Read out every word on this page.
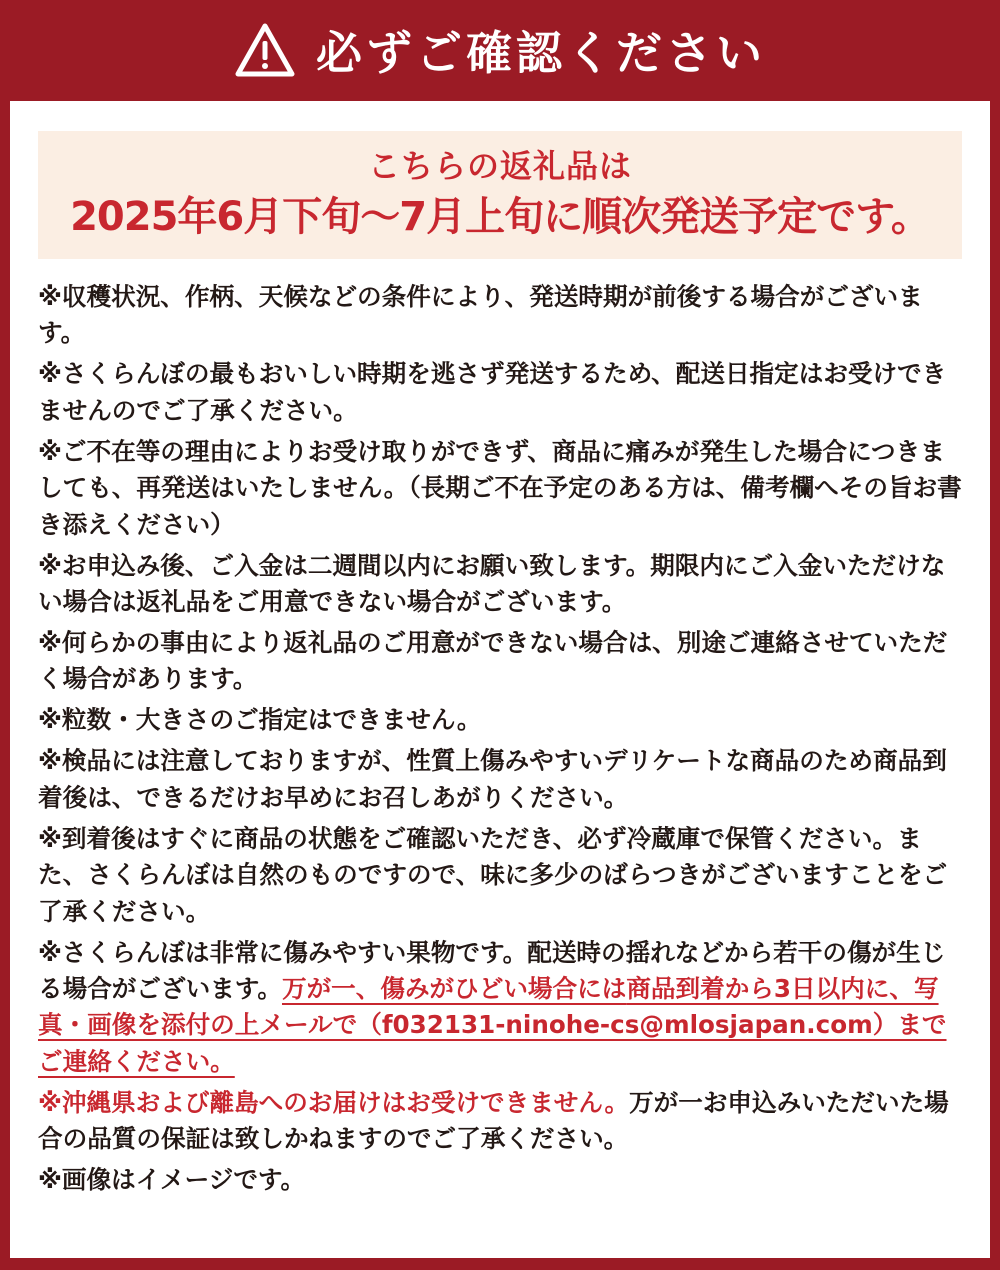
必ずご確認ください
こちらの返礼品は
2025年6月下旬～7月上旬に順次発送予定です。

※収穫状況、作柄、天候などの条件により、発送時期が前後する場合がございます。

※さくらんぼの最もおいしい時期を逃さず発送するため、配送日指定はお受けできませんのでご了承ください。

※ご不在等の理由によりお受け取りができず、商品に痛みが発生した場合につきましても、再発送はいたしません。（長期ご不在予定のある方は、備考欄へその旨お書き添えください）

※お申込み後、ご入金は二週間以内にお願い致します。期限内にご入金いただけない場合は返礼品をご用意できない場合がございます。

※何らかの事由により返礼品のご用意ができない場合は、別途ご連絡させていただく場合があります。

※粒数・大きさのご指定はできません。

※検品には注意しておりますが、性質上傷みやすいデリケートな商品のため商品到着後は、できるだけお早めにお召しあがりください。

※到着後はすぐに商品の状態をご確認いただき、必ず冷蔵庫で保管ください。また、さくらんぼは自然のものですので、味に多少のばらつきがございますことをご了承ください。

※さくらんぼは非常に傷みやすい果物です。配送時の揺れなどから若干の傷が生じる場合がございます。万が一、傷みがひどい場合には商品到着から3日以内に、写真・画像を添付の上メールで（f032131-ninohe-cs@mlosjapan.com）までご連絡ください。

※沖縄県および離島へのお届けはお受けできません。万が一お申込みいただいた場合の品質の保証は致しかねますのでご了承ください。

※画像はイメージです。
